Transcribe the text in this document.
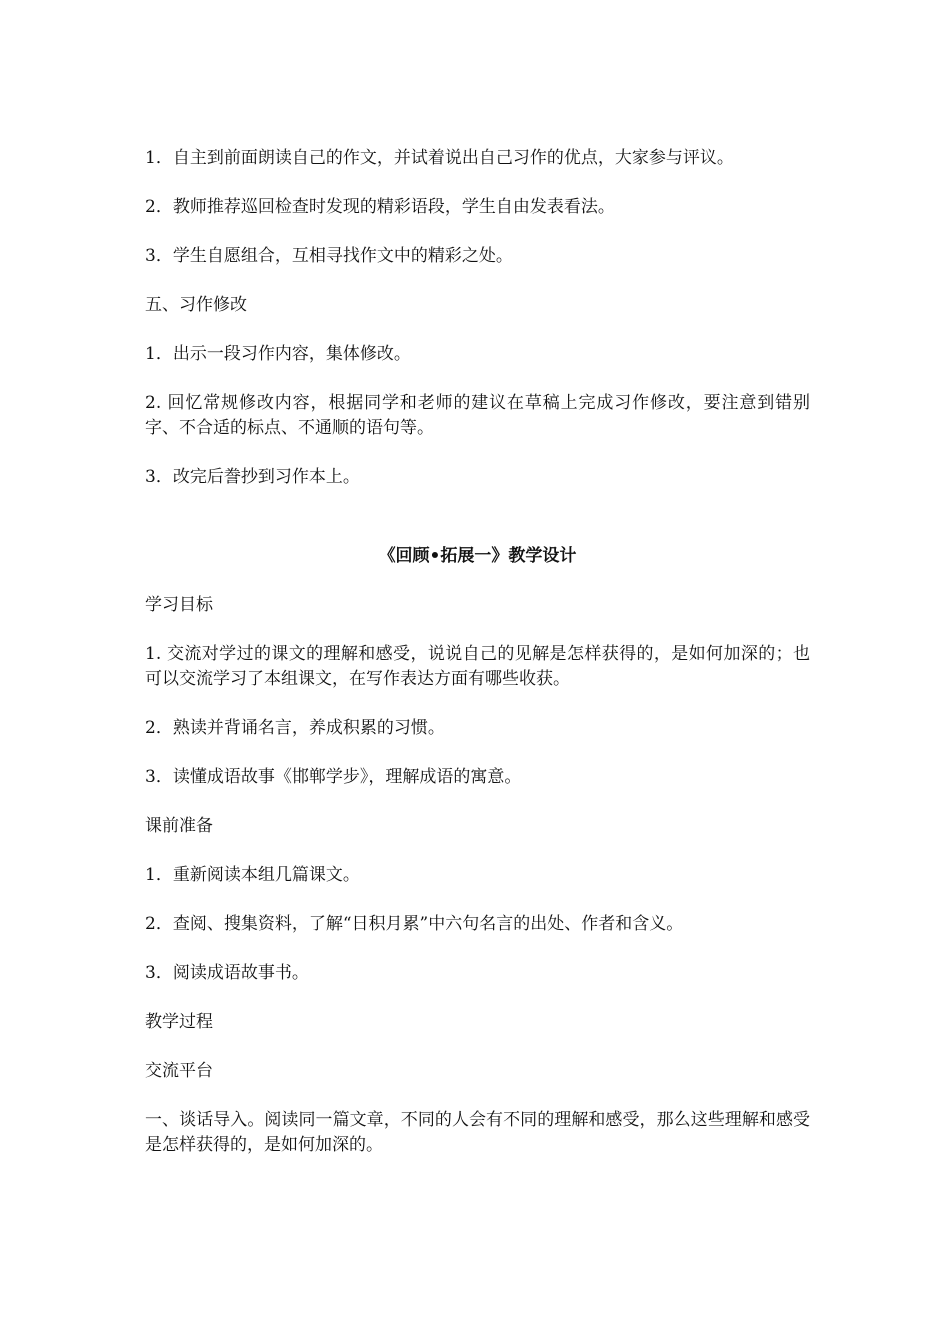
1．自主到前面朗读自己的作文，并试着说出自己习作的优点，大家参与评议。

2．教师推荐巡回检查时发现的精彩语段，学生自由发表看法。

3．学生自愿组合，互相寻找作文中的精彩之处。

五、习作修改

1．出示一段习作内容，集体修改。

2. 回忆常规修改内容，根据同学和老师的建议在草稿上完成习作修改，要注意到错别字、不合适的标点、不通顺的语句等。

3．改完后誊抄到习作本上。

《回顾•拓展一》教学设计

学习目标

1. 交流对学过的课文的理解和感受，说说自己的见解是怎样获得的，是如何加深的；也可以交流学习了本组课文，在写作表达方面有哪些收获。

2．熟读并背诵名言，养成积累的习惯。

3．读懂成语故事《邯郸学步》，理解成语的寓意。

课前准备

1．重新阅读本组几篇课文。

2．查阅、搜集资料，了解“日积月累”中六句名言的出处、作者和含义。

3．阅读成语故事书。

教学过程

交流平台

一、谈话导入。阅读同一篇文章，不同的人会有不同的理解和感受，那么这些理解和感受是怎样获得的，是如何加深的。
